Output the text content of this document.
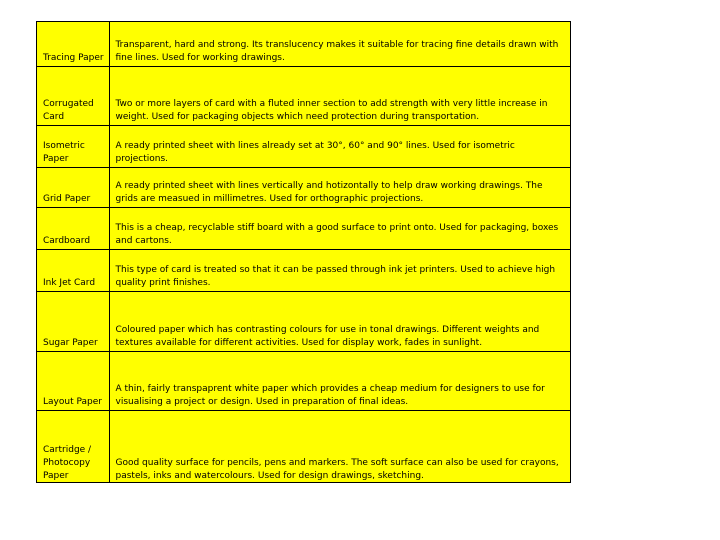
Tracing Paper	Transparent, hard and strong. Its translucency makes it suitable for tracing fine details drawn with fine lines. Used for working drawings.
Corrugated Card	Two or more layers of card with a fluted inner section to add strength with very little increase in weight. Used for packaging objects which need protection during transportation.
Isometric Paper	A ready printed sheet with lines already set at 30°, 60° and 90° lines. Used for isometric projections.
Grid Paper	A ready printed sheet with lines vertically and hotizontally to help draw working drawings. The grids are measued in millimetres. Used for orthographic projections.
Cardboard	This is a cheap, recyclable stiff board with a good surface to print onto. Used for packaging, boxes and cartons.
Ink Jet Card	This type of card is treated so that it can be passed through ink jet printers. Used to achieve high quality print finishes.
Sugar Paper	Coloured paper which has contrasting colours for use in tonal drawings. Different weights and textures available for different activities. Used for display work, fades in sunlight.
Layout Paper	A thin, fairly transpaprent white paper which provides a cheap medium for designers to use for visualising a project or design. Used in preparation of final ideas.
Cartridge / Photocopy Paper	Good quality surface for pencils, pens and markers. The soft surface can also be used for crayons, pastels, inks and watercolours. Used for design drawings, sketching.
